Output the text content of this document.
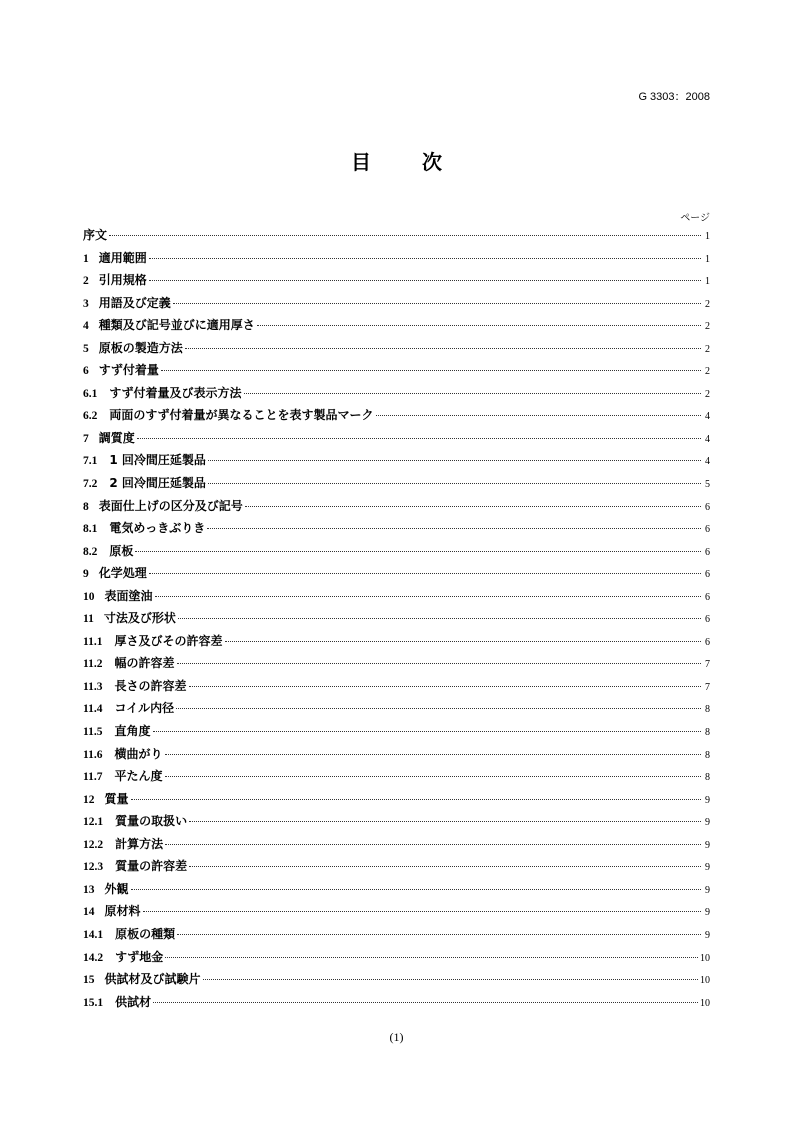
G 3303：2008
目 次
ページ
序文	1
1 適用範囲	1
2 引用規格	1
3 用語及び定義	2
4 種類及び記号並びに適用厚さ	2
5 原板の製造方法	2
6 すず付着量	2
6.1 すず付着量及び表示方法	2
6.2 両面のすず付着量が異なることを表す製品マーク	4
7 調質度	4
7.1 1 回冷間圧延製品	4
7.2 2 回冷間圧延製品	5
8 表面仕上げの区分及び記号	6
8.1 電気めっきぶりき	6
8.2 原板	6
9 化学処理	6
10 表面塗油	6
11 寸法及び形状	6
11.1 厚さ及びその許容差	6
11.2 幅の許容差	7
11.3 長さの許容差	7
11.4 コイル内径	8
11.5 直角度	8
11.6 横曲がり	8
11.7 平たん度	8
12 質量	9
12.1 質量の取扱い	9
12.2 計算方法	9
12.3 質量の許容差	9
13 外観	9
14 原材料	9
14.1 原板の種類	9
14.2 すず地金	10
15 供試材及び試験片	10
15.1 供試材	10
(1)
